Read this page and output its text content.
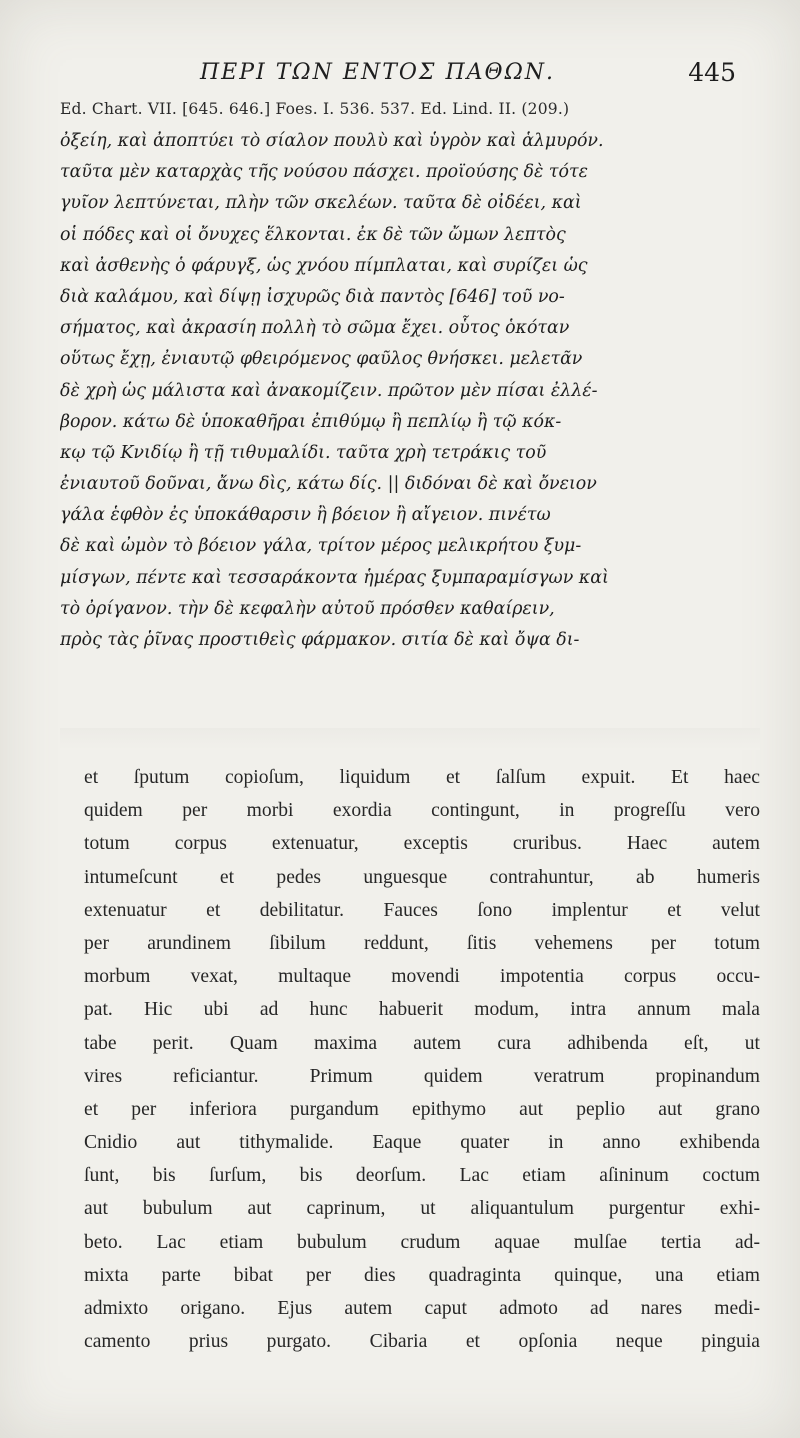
ΠΕΡΙ ΤΩΝ ΕΝΤΟΣ ΠΑΘΩΝ.	445
Ed. Chart. VII. [645. 646.] Foes. I. 536. 537. Ed. Lind. II. (209.)
ὀξείη, καὶ ἀποπτύει τὸ σίαλον πουλὺ καὶ ὑγρὸν καὶ ἁλμυρόν.
ταῦτα μὲν καταρχὰς τῆς νούσου πάσχει. προϊούσης δὲ τότε
γυῖον λεπτύνεται, πλὴν τῶν σκελέων. ταῦτα δὲ οἰδέει, καὶ
οἱ πόδες καὶ οἱ ὄνυχες ἕλκονται. ἐκ δὲ τῶν ὤμων λεπτὸς
καὶ ἀσθενὴς ὁ φάρυγξ, ὡς χνόου πίμπλαται, καὶ συρίζει ὡς
διὰ καλάμου, καὶ δίψῃ ἰσχυρῶς διὰ παντὸς [646] τοῦ νο-
σήματος, καὶ ἀκρασίη πολλὴ τὸ σῶμα ἔχει. οὗτος ὁκόταν
οὕτως ἔχῃ, ἐνιαυτῷ φθειρόμενος φαῦλος θνήσκει. μελετᾶν
δὲ χρὴ ὡς μάλιστα καὶ ἀνακομίζειν. πρῶτον μὲν πίσαι ἐλλέ-
βορον. κάτω δὲ ὑποκαθῆραι ἐπιθύμῳ ἢ πεπλίῳ ἢ τῷ κόκ-
κῳ τῷ Κνιδίῳ ἢ τῇ τιθυμαλίδι. ταῦτα χρὴ τετράκις τοῦ
ἐνιαυτοῦ δοῦναι, ἄνω δὶς, κάτω δίς. || διδόναι δὲ καὶ ὄνειον
γάλα ἑφθὸν ἐς ὑποκάθαρσιν ἢ βόειον ἢ αἴγειον. πινέτω
δὲ καὶ ὠμὸν τὸ βόειον γάλα, τρίτον μέρος μελικρήτου ξυμ-
μίσγων, πέντε καὶ τεσσαράκοντα ἡμέρας ξυμπαραμίσγων καὶ
τὸ ὀρίγανον. τὴν δὲ κεφαλὴν αὐτοῦ πρόσθεν καθαίρειν,
πρὸς τὰς ῥῖνας προστιθεὶς φάρμακον. σιτία δὲ καὶ ὄψα δι-
et ſputum copioſum, liquidum et ſalſum expuit. Et haec
quidem per morbi exordia contingunt, in progreſſu vero
totum corpus extenuatur, exceptis cruribus. Haec autem
intumeſcunt et pedes unguesque contrahuntur, ab humeris
extenuatur et debilitatur. Fauces ſono implentur et velut
per arundinem ſibilum reddunt, ſitis vehemens per totum
morbum vexat, multaque movendi impotentia corpus occu-
pat. Hic ubi ad hunc habuerit modum, intra annum mala
tabe perit. Quam maxima autem cura adhibenda eſt, ut
vires reficiantur. Primum quidem veratrum propinandum
et per inferiora purgandum epithymo aut peplio aut grano
Cnidio aut tithymalide. Eaque quater in anno exhibenda
ſunt, bis ſurſum, bis deorſum. Lac etiam aſininum coctum
aut bubulum aut caprinum, ut aliquantulum purgentur exhi-
beto. Lac etiam bubulum crudum aquae mulſae tertia ad-
mixta parte bibat per dies quadraginta quinque, una etiam
admixto origano. Ejus autem caput admoto ad nares medi-
camento prius purgato. Cibaria et opſonia neque pinguia
